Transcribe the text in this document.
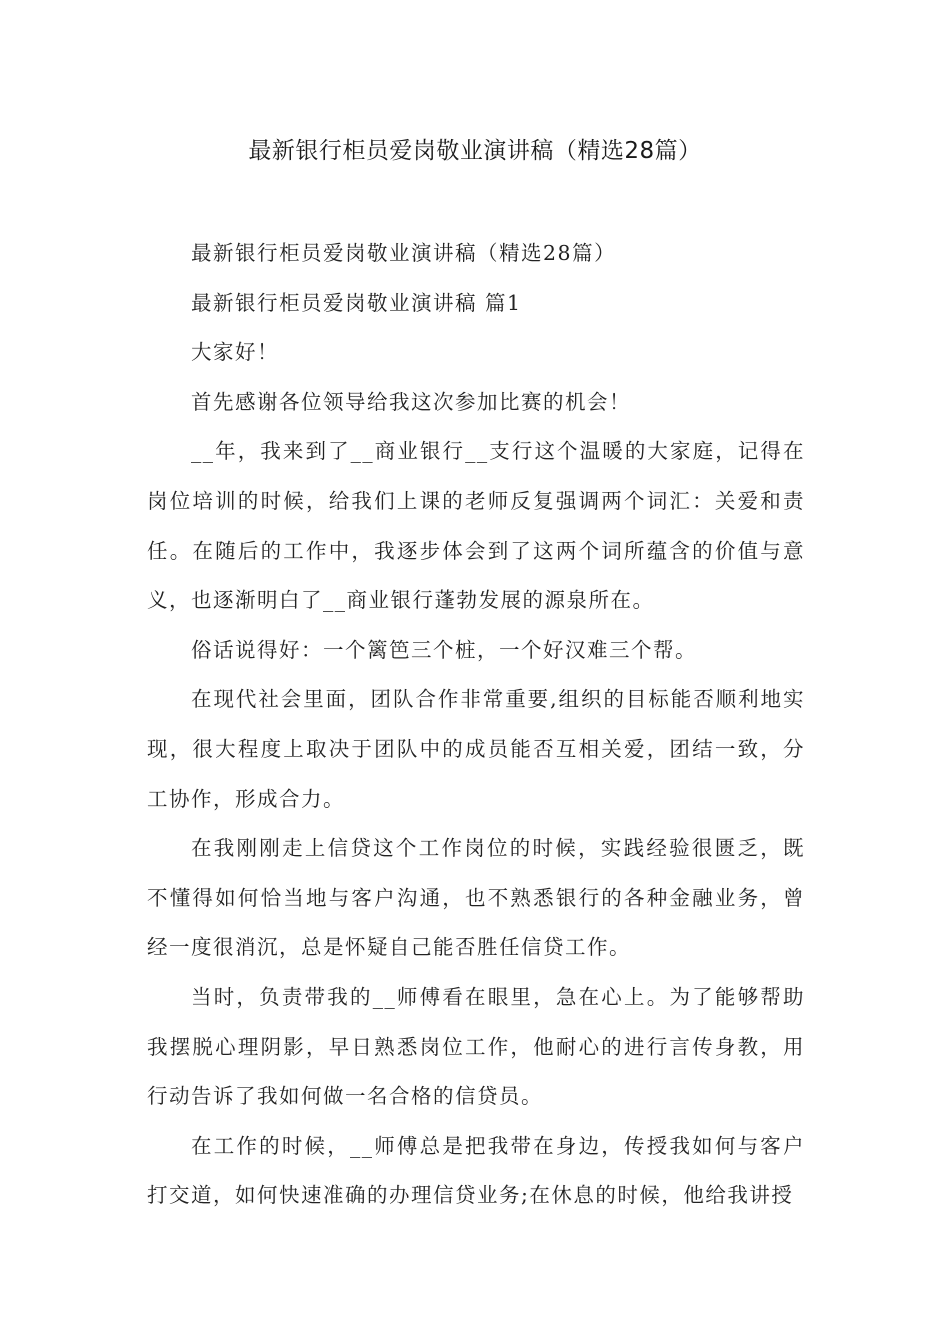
最新银行柜员爱岗敬业演讲稿（精选28篇）

最新银行柜员爱岗敬业演讲稿（精选28篇）

最新银行柜员爱岗敬业演讲稿 篇1

大家好！

首先感谢各位领导给我这次参加比赛的机会！

__年，我来到了__商业银行__支行这个温暖的大家庭，记得在岗位培训的时候，给我们上课的老师反复强调两个词汇：关爱和责任。在随后的工作中，我逐步体会到了这两个词所蕴含的价值与意义，也逐渐明白了__商业银行蓬勃发展的源泉所在。

俗话说得好：一个篱笆三个桩，一个好汉难三个帮。

在现代社会里面，团队合作非常重要,组织的目标能否顺利地实现，很大程度上取决于团队中的成员能否互相关爱，团结一致，分工协作，形成合力。

在我刚刚走上信贷这个工作岗位的时候，实践经验很匮乏，既不懂得如何恰当地与客户沟通，也不熟悉银行的各种金融业务，曾经一度很消沉，总是怀疑自己能否胜任信贷工作。

当时，负责带我的__师傅看在眼里，急在心上。为了能够帮助我摆脱心理阴影，早日熟悉岗位工作，他耐心的进行言传身教，用行动告诉了我如何做一名合格的信贷员。

在工作的时候，__师傅总是把我带在身边，传授我如何与客户打交道，如何快速准确的办理信贷业务;在休息的时候，他给我讲授
